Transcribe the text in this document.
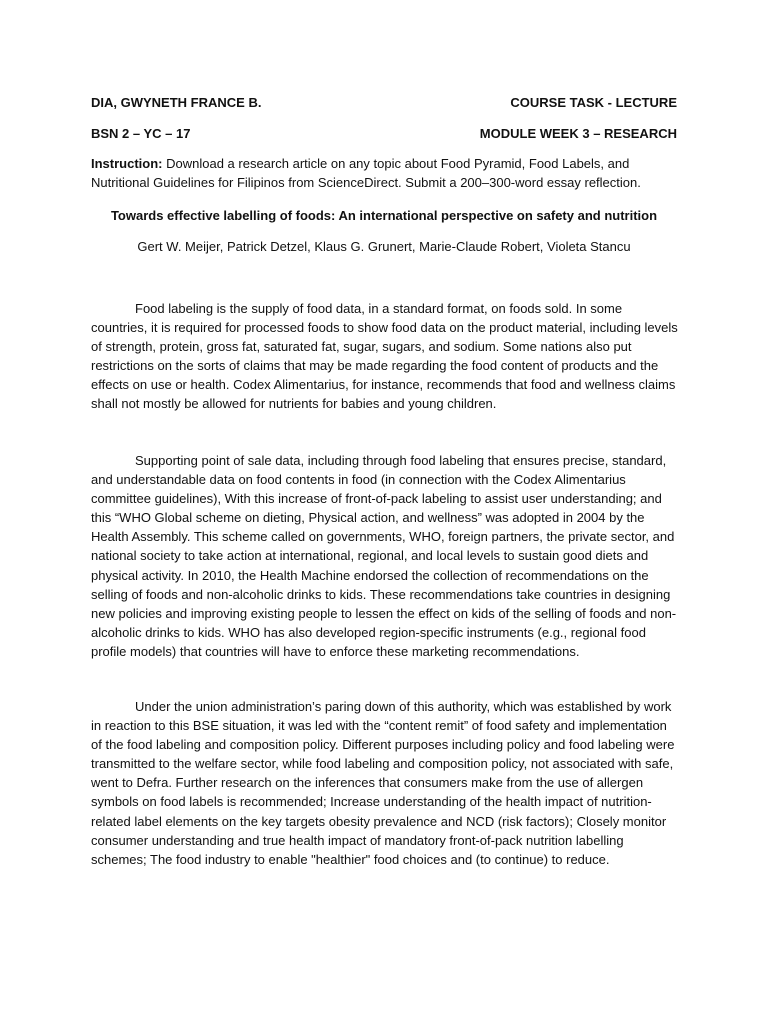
DIA, GWYNETH FRANCE B.	COURSE TASK - LECTURE
BSN 2 – YC – 17	MODULE WEEK 3 – RESEARCH
Instruction: Download a research article on any topic about Food Pyramid, Food Labels, and Nutritional Guidelines for Filipinos from ScienceDirect. Submit a 200–300-word essay reflection.
Towards effective labelling of foods: An international perspective on safety and nutrition
Gert W. Meijer, Patrick Detzel, Klaus G. Grunert, Marie-Claude Robert, Violeta Stancu

Food labeling is the supply of food data, in a standard format, on foods sold. In some countries, it is required for processed foods to show food data on the product material, including levels of strength, protein, gross fat, saturated fat, sugar, sugars, and sodium. Some nations also put restrictions on the sorts of claims that may be made regarding the food content of products and the effects on use or health. Codex Alimentarius, for instance, recommends that food and wellness claims shall not mostly be allowed for nutrients for babies and young children.

Supporting point of sale data, including through food labeling that ensures precise, standard, and understandable data on food contents in food (in connection with the Codex Alimentarius committee guidelines), With this increase of front-of-pack labeling to assist user understanding; and this “WHO Global scheme on dieting, Physical action, and wellness” was adopted in 2004 by the Health Assembly. This scheme called on governments, WHO, foreign partners, the private sector, and national society to take action at international, regional, and local levels to sustain good diets and physical activity. In 2010, the Health Machine endorsed the collection of recommendations on the selling of foods and non-alcoholic drinks to kids. These recommendations take countries in designing new policies and improving existing people to lessen the effect on kids of the selling of foods and non-alcoholic drinks to kids. WHO has also developed region-specific instruments (e.g., regional food profile models) that countries will have to enforce these marketing recommendations.

Under the union administration’s paring down of this authority, which was established by work in reaction to this BSE situation, it was led with the “content remit” of food safety and implementation of the food labeling and composition policy. Different purposes including policy and food labeling were transmitted to the welfare sector, while food labeling and composition policy, not associated with safe, went to Defra. Further research on the inferences that consumers make from the use of allergen symbols on food labels is recommended; Increase understanding of the health impact of nutrition-related label elements on the key targets obesity prevalence and NCD (risk factors); Closely monitor consumer understanding and true health impact of mandatory front-of-pack nutrition labelling schemes; The food industry to enable "healthier" food choices and (to continue) to reduce.
